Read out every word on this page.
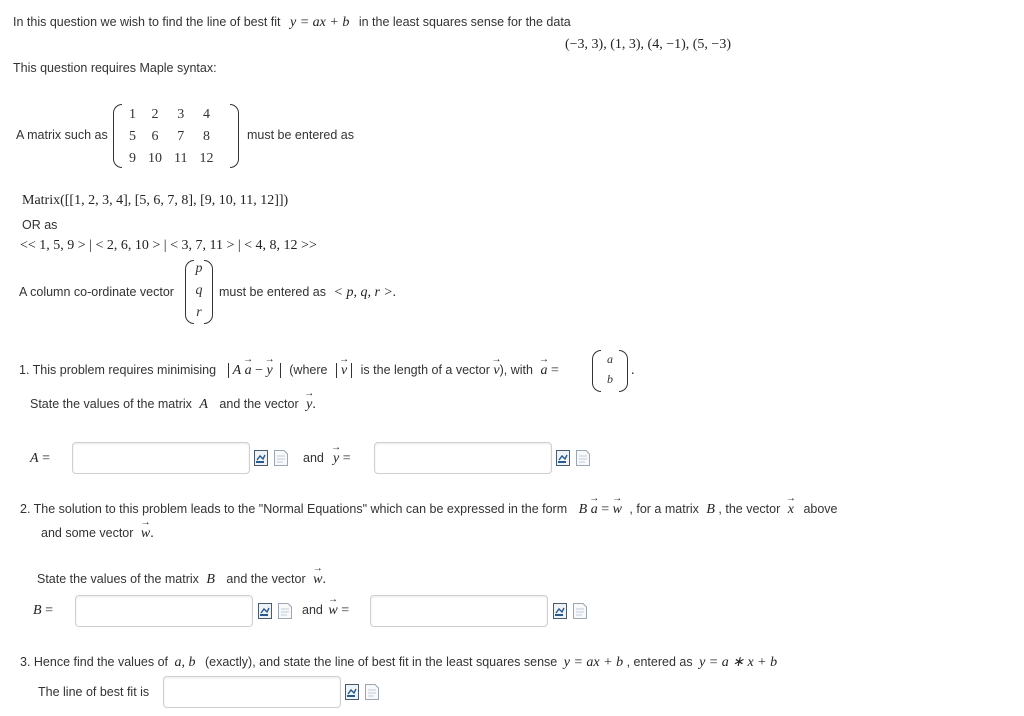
In this question we wish to find the line of best fit y = ax + b in the least squares sense for the data
(−3, 3), (1, 3), (4, −1), (5, −3)
This question requires Maple syntax:
A matrix such as
1	2	3	4
5	6	7	8
9	10	11	12
must be entered as
Matrix([[1, 2, 3, 4], [5, 6, 7, 8], [9, 10, 11, 12]])
OR as
<< 1, 5, 9 > | < 2, 6, 10 > | < 3, 7, 11 > | < 4, 8, 12 >>
A column co-ordinate vector
p
q
r
must be entered as < p, q, r >.
1. This problem requires minimising A → a − → y (where → v is the length of a vector → v), with → a =
a
b
.
State the values of the matrix A and the vector → y.
A =	and → y =
2. The solution to this problem leads to the "Normal Equations" which can be expressed in the form B → a = → w , for a matrix B , the vector → x above
and some vector → w.
State the values of the matrix B and the vector → w.
B =	and → w =
3. Hence find the values of a, b (exactly), and state the line of best fit in the least squares sense y = ax + b , entered as y = a ∗ x + b
The line of best fit is
